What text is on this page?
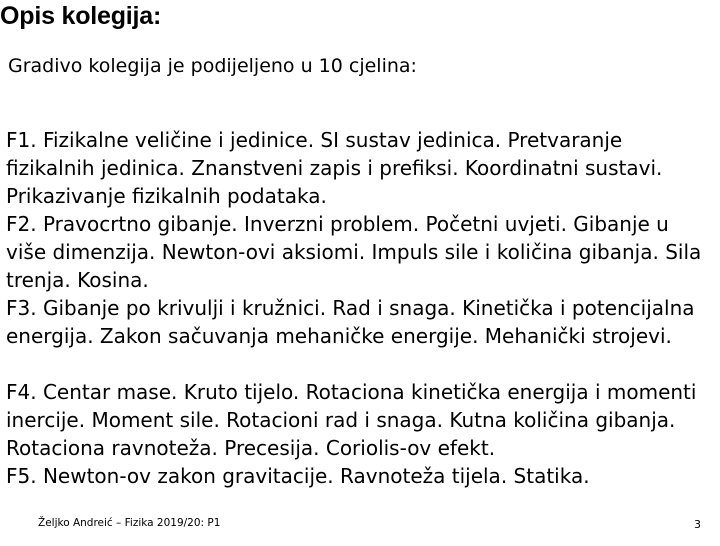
Opis kolegija:
Gradivo kolegija je podijeljeno u 10 cjelina:
F1. Fizikalne veličine i jedinice. SI sustav jedinica. Pretvaranje fizikalnih jedinica. Znanstveni zapis i prefiksi. Koordinatni sustavi. Prikazivanje fizikalnih podataka.
F2. Pravocrtno gibanje. Inverzni problem. Početni uvjeti. Gibanje u više dimenzija. Newton-ovi aksiomi. Impuls sile i količina gibanja. Sila trenja. Kosina.
F3. Gibanje po krivulji i kružnici. Rad i snaga. Kinetička i potencijalna energija. Zakon sačuvanja mehaničke energije. Mehanički strojevi.
F4. Centar mase. Kruto tijelo. Rotaciona kinetička energija i momenti inercije. Moment sile. Rotacioni rad i snaga. Kutna količina gibanja. Rotaciona ravnoteža. Precesija. Coriolis-ov efekt.
F5. Newton-ov zakon gravitacije. Ravnoteža tijela. Statika.
Željko Andreić – Fizika 2019/20: P1	3
